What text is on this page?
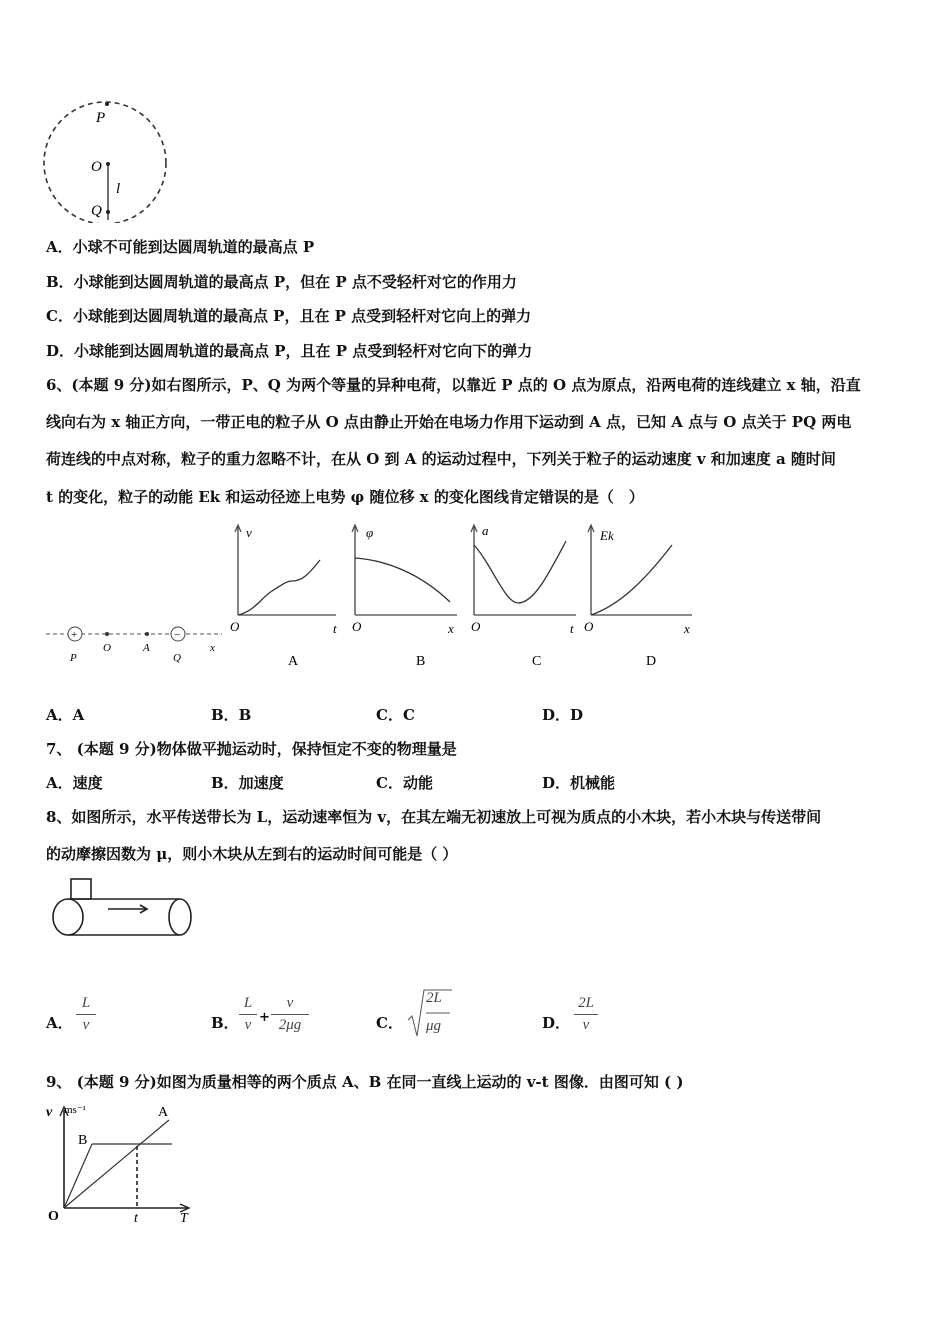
P
O
l
Q
A．小球不可能到达圆周轨道的最高点 P
B．小球能到达圆周轨道的最高点 P，但在 P 点不受轻杆对它的作用力
C．小球能到达圆周轨道的最高点 P，且在 P 点受到轻杆对它向上的弹力
D．小球能到达圆周轨道的最高点 P，且在 P 点受到轻杆对它向下的弹力
6、(本题 9 分)如右图所示，P、Q 为两个等量的异种电荷，以靠近 P 点的 O 点为原点，沿两电荷的连线建立 x 轴，沿直
线向右为 x 轴正方向，一带正电的粒子从 O 点由静止开始在电场力作用下运动到 A 点，已知 A 点与 O 点关于 PQ 两电
荷连线的中点对称，粒子的重力忽略不计，在从 O 到 A 的运动过程中，下列关于粒子的运动速度 v 和加速度 a 随时间
t 的变化，粒子的动能 Ek 和运动径迹上电势 φ 随位移 x 的变化图线肯定错误的是（　）
+	−
P
O	A
Q
x
v
O	t
A
φ
O	x
B
a
O	t
C
Ek
O	x
D
A．A	B．B	C．C	D．D
7、 (本题 9 分)物体做平抛运动时，保持恒定不变的物理量是
A．速度	B．加速度	C．动能	D．机械能
8、如图所示，水平传送带长为 L，运动速率恒为 v，在其左端无初速放上可视为质点的小木块，若小木块与传送带间
的动摩擦因数为 μ，则小木块从左到右的运动时间可能是（ ）
A． $\frac{L}{v}$	B．
L
v +
v
2μg	C．
2L
μg	D．
2L
v
9、 (本题 9 分)如图为质量相等的两个质点 A、B 在同一直线上运动的 v-t 图像．由图可知 ( )
v ms⁻¹	A
B
O	t	T
